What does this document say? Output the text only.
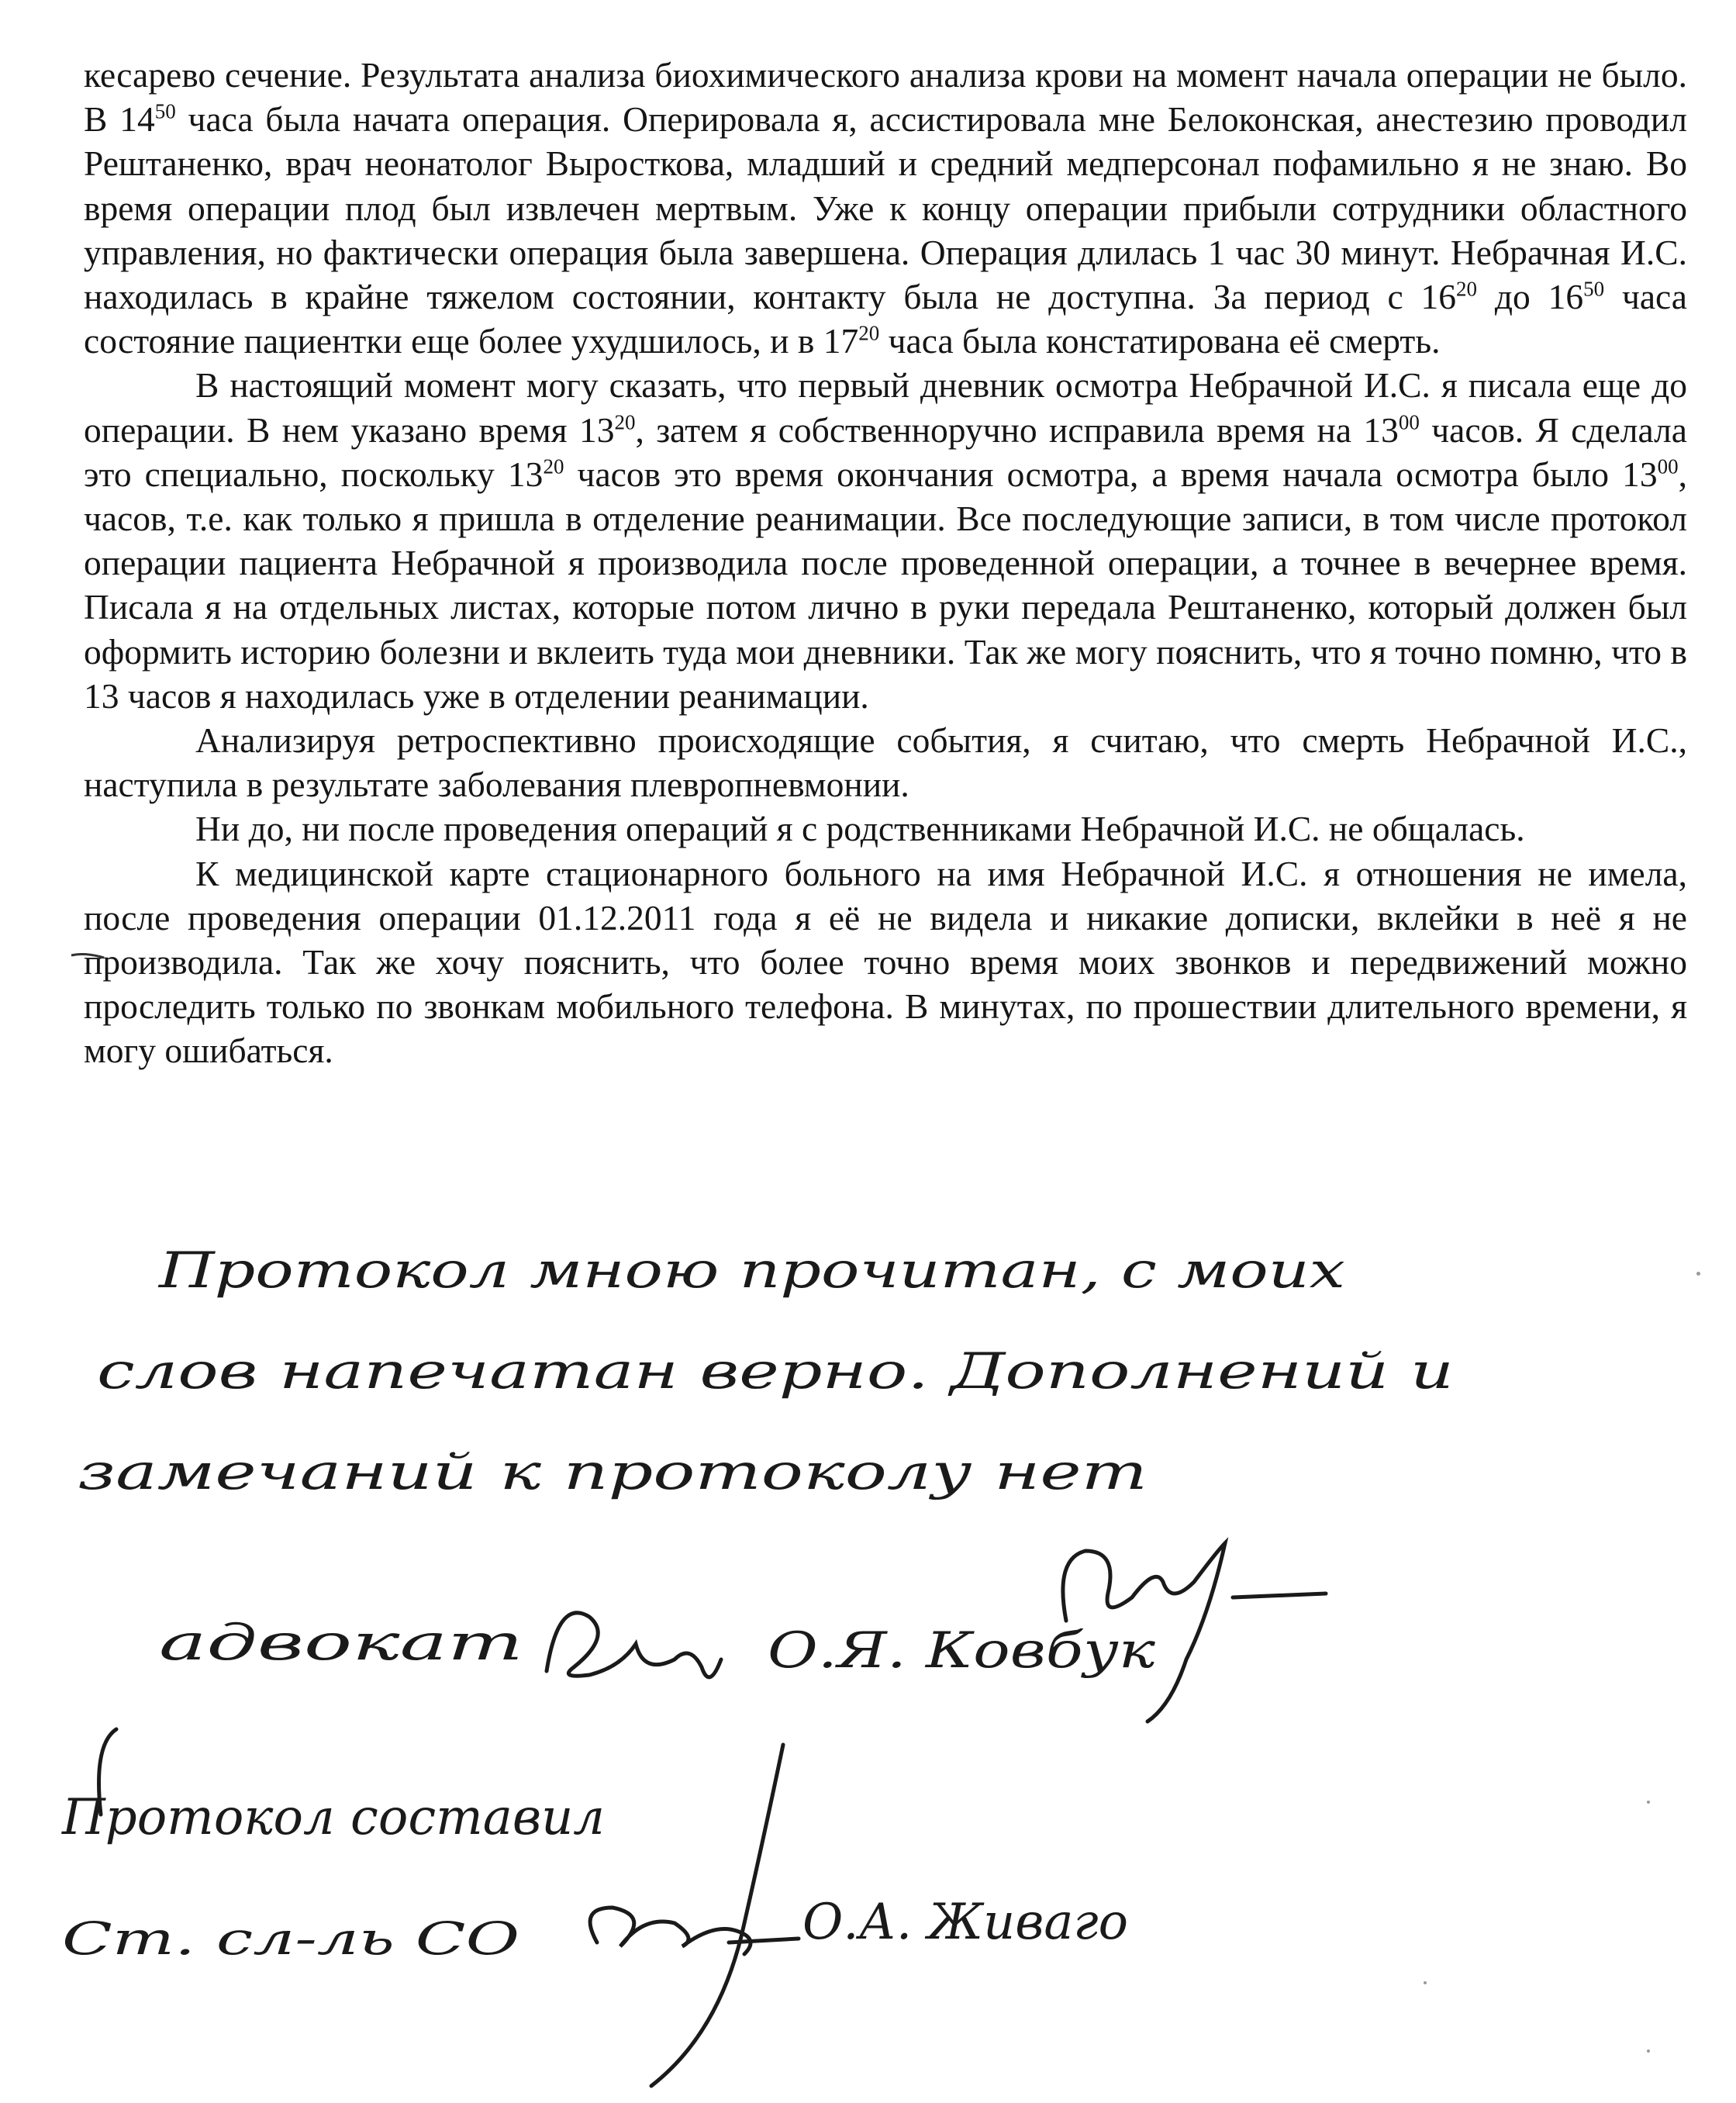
кесарево сечение. Результата анализа биохимического анализа крови на момент начала операции не было. В $14^{50}$ часа была начата операция. Оперировала я, ассистировала мне Белоконская, анестезию проводил Рештаненко, врач неонатолог Выросткова, младший и средний медперсонал пофамильно я не знаю. Во время операции плод был извлечен мертвым. Уже к концу операции прибыли сотрудники областного управления, но фактически операция была завершена. Операция длилась 1 час 30 минут. Небрачная И.С. находилась в крайне тяжелом состоянии, контакту была не доступна. За период с $16^{20}$ до $16^{50}$ часа состояние пациентки еще более ухудшилось, и в $17^{20}$ часа была констатирована её смерть.

В настоящий момент могу сказать, что первый дневник осмотра Небрачной И.С. я писала еще до операции. В нем указано время $13^{20}$, затем я собственноручно исправила время на $13^{00}$ часов. Я сделала это специально, поскольку $13^{20}$ часов это время окончания осмотра, а время начала осмотра было $13^{00}$, часов, т.е. как только я пришла в отделение реанимации. Все последующие записи, в том числе протокол операции пациента Небрачной я производила после проведенной операции, а точнее в вечернее время. Писала я на отдельных листах, которые потом лично в руки передала Рештаненко, который должен был оформить историю болезни и вклеить туда мои дневники. Так же могу пояснить, что я точно помню, что в 13 часов я находилась уже в отделении реанимации.

Анализируя ретроспективно происходящие события, я считаю, что смерть Небрачной И.С., наступила в результате заболевания плевропневмонии.

Ни до, ни после проведения операций я с родственниками Небрачной И.С. не общалась.

К медицинской карте стационарного больного на имя Небрачной И.С. я отношения не имела, после проведения операции 01.12.2011 года я её не видела и никакие дописки, вклейки в неё я не производила. Так же хочу пояснить, что более точно время моих звонков и передвижений можно проследить только по звонкам мобильного телефона. В минутах, по прошествии длительного времени, я могу ошибаться.

Протокол мною прочитан, с моих
слов напечатан верно. Дополнений и
замечаний к протоколу нет
адвокат	О.Я. Ковбук
Протокол составил
Ст. сл-ль СО	О.А. Живаго
